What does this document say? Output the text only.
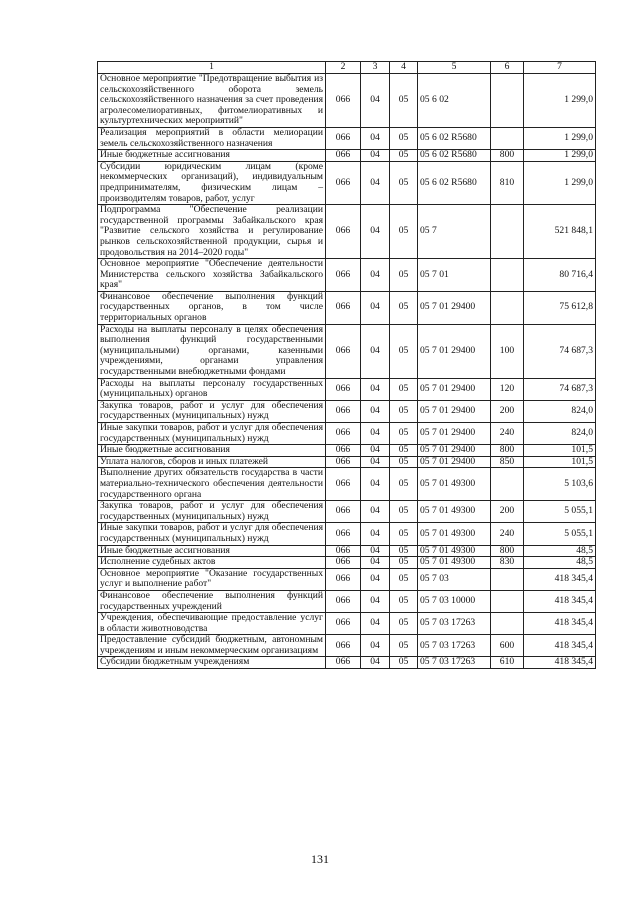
1	2	3	4	5	6	7
Основное мероприятие "Предотвращение выбытия из сельскохозяйственного оборота земель сельскохозяйственного назначения за счет проведения агролесомелиоративных, фитомелиоративных и культуртехнических мероприятий"	066	04	05	05 6 02		1 299,0
Реализация мероприятий в области мелиорации земель сельскохозяйственного назначения	066	04	05	05 6 02 R5680		1 299,0
Иные бюджетные ассигнования	066	04	05	05 6 02 R5680	800	1 299,0
Субсидии юридическим лицам (кроме некоммерческих организаций), индивидуальным предпринимателям, физическим лицам – производителям товаров, работ, услуг	066	04	05	05 6 02 R5680	810	1 299,0
Подпрограмма "Обеспечение реализации государственной программы Забайкальского края "Развитие сельского хозяйства и регулирование рынков сельскохозяйственной продукции, сырья и продовольствия на 2014–2020 годы"	066	04	05	05 7		521 848,1
Основное мероприятие "Обеспечение деятельности Министерства сельского хозяйства Забайкальского края"	066	04	05	05 7 01		80 716,4
Финансовое обеспечение выполнения функций государственных органов, в том числе территориальных органов	066	04	05	05 7 01 29400		75 612,8
Расходы на выплаты персоналу в целях обеспечения выполнения функций государственными (муниципальными) органами, казенными учреждениями, органами управления государственными внебюджетными фондами	066	04	05	05 7 01 29400	100	74 687,3
Расходы на выплаты персоналу государственных (муниципальных) органов	066	04	05	05 7 01 29400	120	74 687,3
Закупка товаров, работ и услуг для обеспечения государственных (муниципальных) нужд	066	04	05	05 7 01 29400	200	824,0
Иные закупки товаров, работ и услуг для обеспечения государственных (муниципальных) нужд	066	04	05	05 7 01 29400	240	824,0
Иные бюджетные ассигнования	066	04	05	05 7 01 29400	800	101,5
Уплата налогов, сборов и иных платежей	066	04	05	05 7 01 29400	850	101,5
Выполнение других обязательств государства в части материально-технического обеспечения деятельности государственного органа	066	04	05	05 7 01 49300		5 103,6
Закупка товаров, работ и услуг для обеспечения государственных (муниципальных) нужд	066	04	05	05 7 01 49300	200	5 055,1
Иные закупки товаров, работ и услуг для обеспечения государственных (муниципальных) нужд	066	04	05	05 7 01 49300	240	5 055,1
Иные бюджетные ассигнования	066	04	05	05 7 01 49300	800	48,5
Исполнение судебных актов	066	04	05	05 7 01 49300	830	48,5
Основное мероприятие "Оказание государственных услуг и выполнение работ"	066	04	05	05 7 03		418 345,4
Финансовое обеспечение выполнения функций государственных учреждений	066	04	05	05 7 03 10000		418 345,4
Учреждения, обеспечивающие предоставление услуг в области животноводства	066	04	05	05 7 03 17263		418 345,4
Предоставление субсидий бюджетным, автономным учреждениям и иным некоммерческим организациям	066	04	05	05 7 03 17263	600	418 345,4
Субсидии бюджетным учреждениям	066	04	05	05 7 03 17263	610	418 345,4
131
